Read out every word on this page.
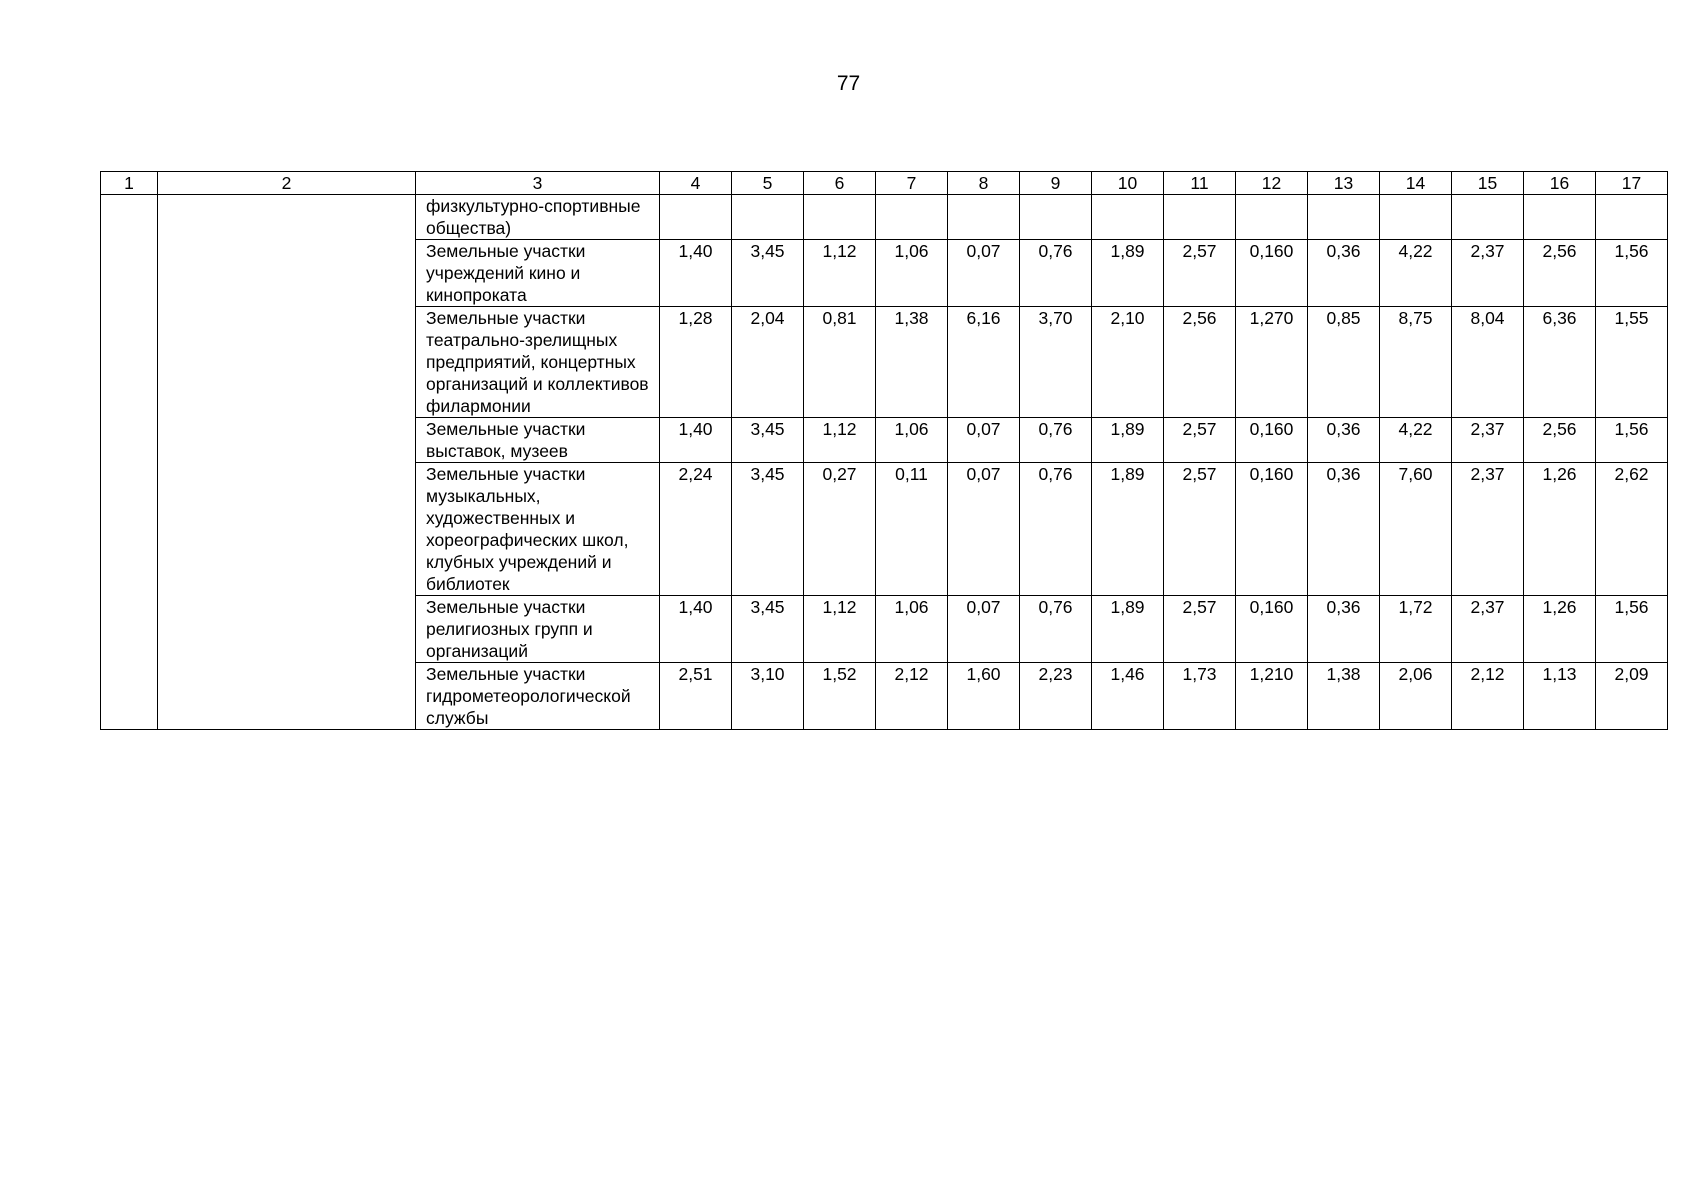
77
1	2	3	4	5	6	7	8	9	10	11	12	13	14	15	16	17
		физкультурно-спортивные общества)														
		Земельные участки учреждений кино и кинопроката	1,40	3,45	1,12	1,06	0,07	0,76	1,89	2,57	0,160	0,36	4,22	2,37	2,56	1,56
		Земельные участки театрально-зрелищных предприятий, концертных организаций и коллективов филармонии	1,28	2,04	0,81	1,38	6,16	3,70	2,10	2,56	1,270	0,85	8,75	8,04	6,36	1,55
		Земельные участки выставок, музеев	1,40	3,45	1,12	1,06	0,07	0,76	1,89	2,57	0,160	0,36	4,22	2,37	2,56	1,56
		Земельные участки музыкальных, художественных и хореографических школ, клубных учреждений и библиотек	2,24	3,45	0,27	0,11	0,07	0,76	1,89	2,57	0,160	0,36	7,60	2,37	1,26	2,62
		Земельные участки религиозных групп и организаций	1,40	3,45	1,12	1,06	0,07	0,76	1,89	2,57	0,160	0,36	1,72	2,37	1,26	1,56
		Земельные участки гидрометеорологической службы	2,51	3,10	1,52	2,12	1,60	2,23	1,46	1,73	1,210	1,38	2,06	2,12	1,13	2,09
